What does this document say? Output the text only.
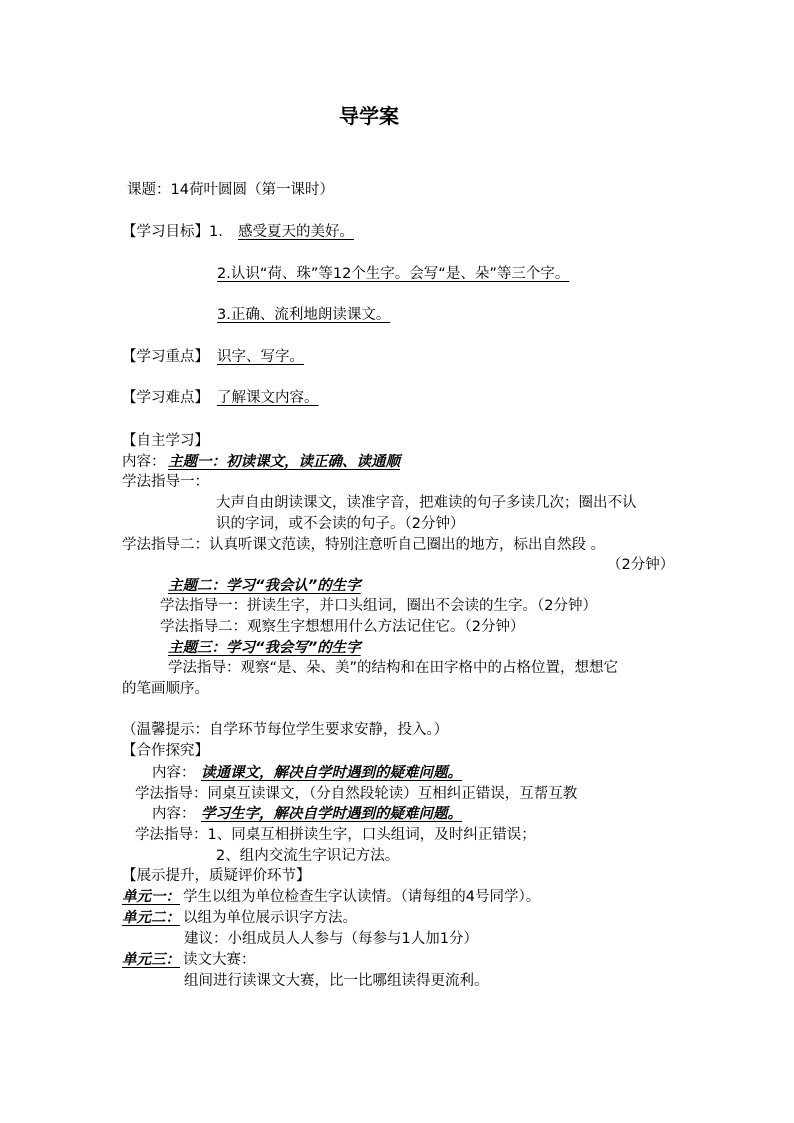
导学案
课题：14荷叶圆圆（第一课时）
【学习目标】1. 感受夏天的美好。
2.认识“荷、珠”等12个生字。会写“是、朵”等三个字。
3.正确、流利地朗读课文。
【学习重点】 识字、写字。
【学习难点】 了解课文内容。
【自主学习】
内容： 主题一：初读课文，读正确、读通顺
学法指导一：
大声自由朗读课文，读准字音，把难读的句子多读几次；圈出不认
识的字词，或不会读的句子。（2分钟）
学法指导二：认真听课文范读，特别注意听自己圈出的地方，标出自然段 。
（2分钟）
主题二：学习“我会认”的生字
学法指导一：拼读生字，并口头组词，圈出不会读的生字。（2分钟）
学法指导二：观察生字想想用什么方法记住它。（2分钟）
主题三：学习“我会写”的生字
学法指导：观察“是、朵、美”的结构和在田字格中的占格位置，想想它
的笔画顺序。
（温馨提示：自学环节每位学生要求安静，投入。）
【合作探究】
内容： 读通课文，解决自学时遇到的疑难问题。
学法指导：同桌互读课文，（分自然段轮读）互相纠正错误，互帮互教
内容： 学习生字，解决自学时遇到的疑难问题。
学法指导：1、同桌互相拼读生字，口头组词，及时纠正错误；
2、组内交流生字识记方法。
【展示提升，质疑评价环节】
单元一： 学生以组为单位检查生字认读情。（请每组的4号同学）。
单元二： 以组为单位展示识字方法。
建议：小组成员人人参与（每参与1人加1分）
单元三： 读文大赛：
组间进行读课文大赛，比一比哪组读得更流利。
